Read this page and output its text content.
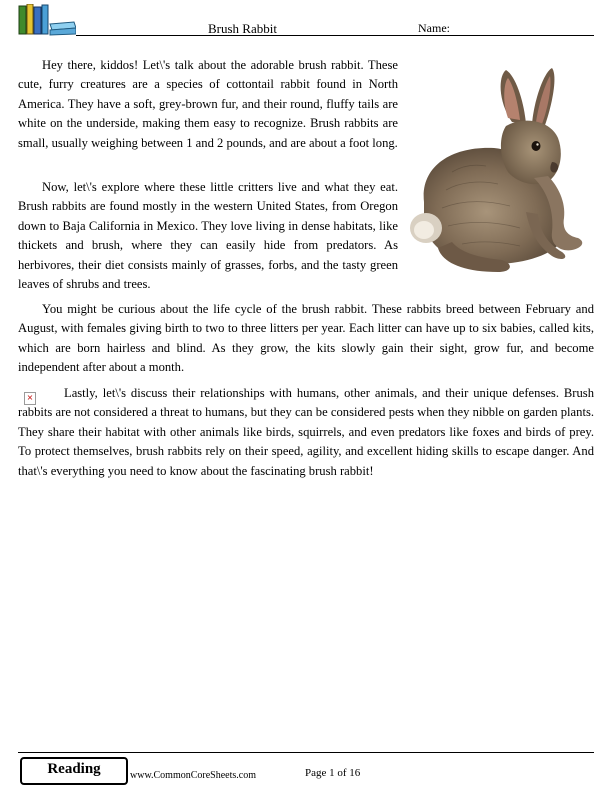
Brush Rabbit	Name:

Hey there, kiddos! Let\'s talk about the adorable brush rabbit. These cute, furry creatures are a species of cottontail rabbit found in North America. They have a soft, grey-brown fur, and their round, fluffy tails are white on the underside, making them easy to recognize. Brush rabbits are small, usually weighing between 1 and 2 pounds, and are about a foot long.

Now, let\'s explore where these little critters live and what they eat. Brush rabbits are found mostly in the western United States, from Oregon down to Baja California in Mexico. They love living in dense habitats, like thickets and brush, where they can easily hide from predators. As herbivores, their diet consists mainly of grasses, forbs, and the tasty green leaves of shrubs and trees.

You might be curious about the life cycle of the brush rabbit. These rabbits breed between February and August, with females giving birth to two to three litters per year. Each litter can have up to six babies, called kits, which are born hairless and blind. As they grow, the kits slowly gain their sight, grow fur, and become independent after about a month.

×	Lastly, let\'s discuss their relationships with humans, other animals, and their unique defenses. Brush rabbits are not considered a threat to humans, but they can be considered pests when they nibble on garden plants. They share their habitat with other animals like birds, squirrels, and even predators like foxes and birds of prey. To protect themselves, brush rabbits rely on their speed, agility, and excellent hiding skills to escape danger. And that\'s everything you need to know about the fascinating brush rabbit!

Reading	www.CommonCoreSheets.com	Page 1 of 16
